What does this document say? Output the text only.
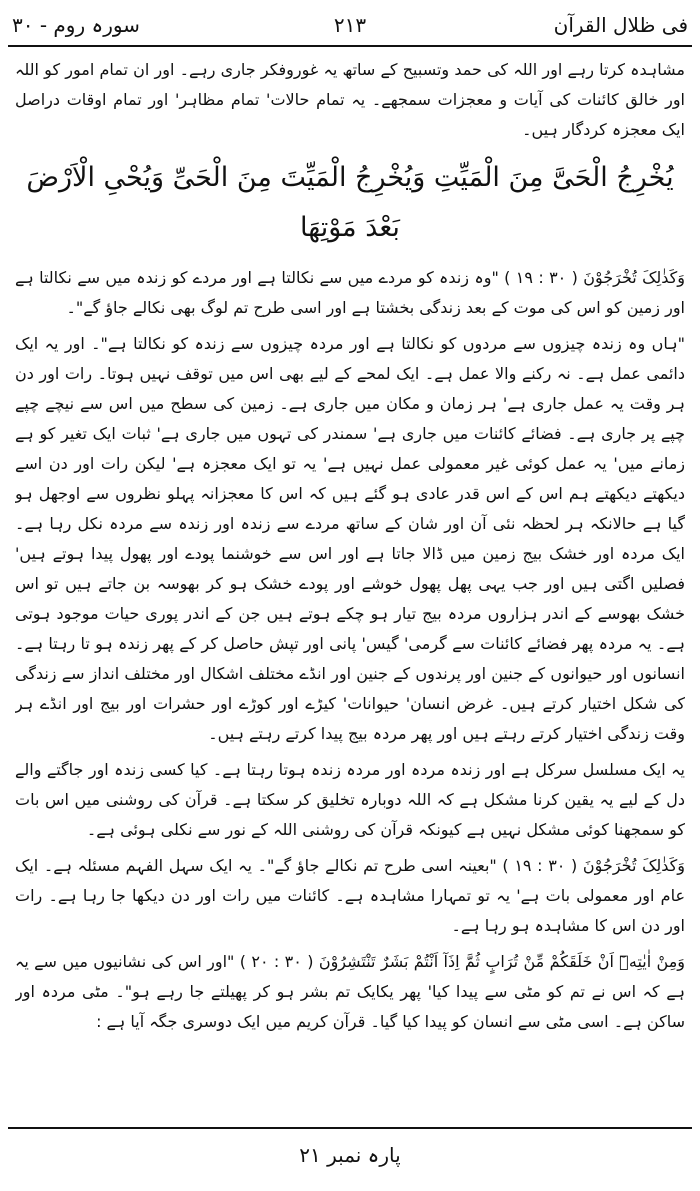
فی ظلال القرآن
۲۱۳
سورہ روم - ۳۰

مشاہدہ کرتا رہے اور اللہ کی حمد وتسبیح کے ساتھ یہ غوروفکر جاری رہے۔ اور ان تمام امور کو اللہ اور خالق کائنات کی آیات و معجزات سمجھے۔ یہ تمام حالات' تمام مظاہر' اور تمام اوقات دراصل ایک معجزہ کردگار ہیں۔

یُخْرِجُ الْحَیَّ مِنَ الْمَیِّتِ وَیُخْرِجُ الْمَیِّتَ مِنَ الْحَیِّ وَیُحْیِ الْاَرْضَ بَعْدَ مَوْتِهَا

وَکَذٰلِکَ تُخْرَجُوْنَ ( ۳۰ : ۱۹ ) "وہ زندہ کو مردے میں سے نکالتا ہے اور مردے کو زندہ میں سے نکالتا ہے اور زمین کو اس کی موت کے بعد زندگی بخشتا ہے اور اسی طرح تم لوگ بھی نکالے جاؤ گے"۔

"ہاں وہ زندہ چیزوں سے مردوں کو نکالتا ہے اور مردہ چیزوں سے زندہ کو نکالتا ہے"۔ اور یہ ایک دائمی عمل ہے۔ نہ رکنے والا عمل ہے۔ ایک لمحے کے لیے بھی اس میں توقف نہیں ہوتا۔ رات اور دن ہر وقت یہ عمل جاری ہے' ہر زمان و مکان میں جاری ہے۔ زمین کی سطح میں اس سے نیچے چپے چپے پر جاری ہے۔ فضائے کائنات میں جاری ہے' سمندر کی تہوں میں جاری ہے' ثبات ایک تغیر کو ہے زمانے میں' یہ عمل کوئی غیر معمولی عمل نہیں ہے' یہ تو ایک معجزہ ہے' لیکن رات اور دن اسے دیکھتے دیکھتے ہم اس کے اس قدر عادی ہو گئے ہیں کہ اس کا معجزانہ پہلو نظروں سے اوجھل ہو گیا ہے حالانکہ ہر لحظہ نئی آن اور شان کے ساتھ مردے سے زندہ اور زندہ سے مردہ نکل رہا ہے۔ ایک مردہ اور خشک بیج زمین میں ڈالا جاتا ہے اور اس سے خوشنما پودے اور پھول پیدا ہوتے ہیں' فصلیں اگتی ہیں اور جب یہی پھل پھول خوشے اور پودے خشک ہو کر بھوسہ بن جاتے ہیں تو اس خشک بھوسے کے اندر ہزاروں مردہ بیج تیار ہو چکے ہوتے ہیں جن کے اندر پوری حیات موجود ہوتی ہے۔ یہ مردہ پھر فضائے کائنات سے گرمی' گیس' پانی اور تپش حاصل کر کے پھر زندہ ہو تا رہتا ہے۔ انسانوں اور حیوانوں کے جنین اور پرندوں کے جنین اور انڈے مختلف اشکال اور مختلف انداز سے زندگی کی شکل اختیار کرتے ہیں۔ غرض انسان' حیوانات' کیڑے اور کوڑے اور حشرات اور بیج اور انڈے ہر وقت زندگی اختیار کرتے رہتے ہیں اور پھر مردہ بیج پیدا کرتے رہتے ہیں۔

یہ ایک مسلسل سرکل ہے اور زندہ مردہ اور مردہ زندہ ہوتا رہتا ہے۔ کیا کسی زندہ اور جاگتے والے دل کے لیے یہ یقین کرنا مشکل ہے کہ اللہ دوبارہ تخلیق کر سکتا ہے۔ قرآن کی روشنی میں اس بات کو سمجھنا کوئی مشکل نہیں ہے کیونکہ قرآن کی روشنی اللہ کے نور سے نکلی ہوئی ہے۔

وَکَذٰلِکَ تُخْرَجُوْنَ ( ۳۰ : ۱۹ ) "بعینہ اسی طرح تم نکالے جاؤ گے"۔ یہ ایک سہل الفہم مسئلہ ہے۔ ایک عام اور معمولی بات ہے' یہ تو تمہارا مشاہدہ ہے۔ کائنات میں رات اور دن دیکھا جا رہا ہے۔ رات اور دن اس کا مشاہدہ ہو رہا ہے۔

وَمِنْ اٰیٰتِهٖٓ اَنْ خَلَقَکُمْ مِّنْ تُرَابٍ ثُمَّ اِذَآ اَنْتُمْ بَشَرٌ تَنْتَشِرُوْنَ ( ۳۰ : ۲۰ ) "اور اس کی نشانیوں میں سے یہ ہے کہ اس نے تم کو مٹی سے پیدا کیا' پھر یکایک تم بشر ہو کر پھیلتے جا رہے ہو"۔ مٹی مردہ اور ساکن ہے۔ اسی مٹی سے انسان کو پیدا کیا گیا۔ قرآن کریم میں ایک دوسری جگہ آیا ہے :

پارہ نمبر ۲۱
